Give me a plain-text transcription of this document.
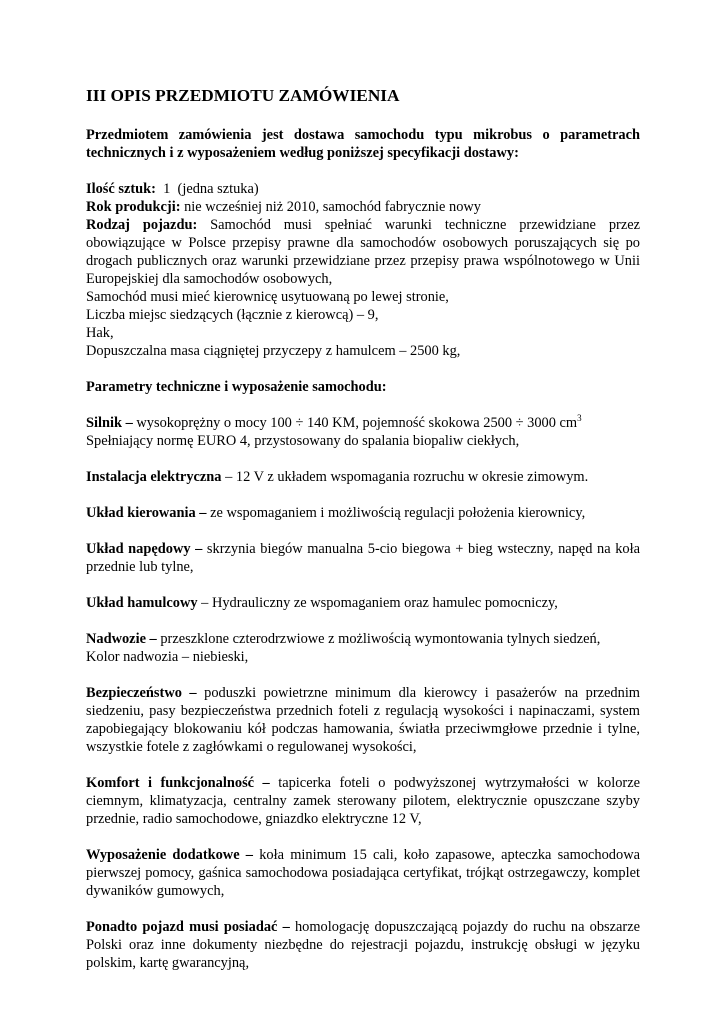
III OPIS PRZEDMIOTU ZAMÓWIENIA

Przedmiotem zamówienia jest dostawa samochodu typu mikrobus o parametrach technicznych i z wyposażeniem według poniższej specyfikacji dostawy:

Ilość sztuk:  1  (jedna sztuka)
Rok produkcji: nie wcześniej niż 2010, samochód fabrycznie nowy
Rodzaj pojazdu: Samochód musi spełniać warunki techniczne przewidziane przez obowiązujące w Polsce przepisy prawne dla samochodów osobowych poruszających się po drogach publicznych oraz warunki przewidziane przez przepisy prawa wspólnotowego w Unii Europejskiej dla samochodów osobowych,
Samochód musi mieć kierownicę usytuowaną po lewej stronie,
Liczba miejsc siedzących (łącznie z kierowcą) – 9,
Hak,
Dopuszczalna masa ciągniętej przyczepy z hamulcem – 2500 kg,

Parametry techniczne i wyposażenie samochodu:

Silnik – wysokoprężny o mocy 100 ÷ 140 KM, pojemność skokowa 2500 ÷ 3000 $cm^3$
Spełniający normę EURO 4, przystosowany do spalania biopaliw ciekłych,

Instalacja elektryczna – 12 V z układem wspomagania rozruchu w okresie zimowym.

Układ kierowania – ze wspomaganiem i możliwością regulacji położenia kierownicy,

Układ napędowy – skrzynia biegów manualna 5-cio biegowa + bieg wsteczny, napęd na koła przednie lub tylne,

Układ hamulcowy – Hydrauliczny ze wspomaganiem oraz hamulec pomocniczy,

Nadwozie – przeszklone czterodrzwiowe z możliwością wymontowania tylnych siedzeń,
Kolor nadwozia – niebieski,

Bezpieczeństwo – poduszki powietrzne minimum dla kierowcy i pasażerów na przednim siedzeniu, pasy bezpieczeństwa przednich foteli z regulacją wysokości i napinaczami, system zapobiegający blokowaniu kół podczas hamowania, światła przeciwmgłowe przednie i tylne, wszystkie fotele z zagłówkami o regulowanej wysokości,

Komfort i funkcjonalność – tapicerka foteli o podwyższonej wytrzymałości w kolorze ciemnym, klimatyzacja, centralny zamek sterowany pilotem, elektrycznie opuszczane szyby przednie, radio samochodowe, gniazdko elektryczne 12 V,

Wyposażenie dodatkowe – koła minimum 15 cali, koło zapasowe, apteczka samochodowa pierwszej pomocy, gaśnica samochodowa posiadająca certyfikat, trójkąt ostrzegawczy, komplet dywaników gumowych,

Ponadto pojazd musi posiadać – homologację dopuszczającą pojazdy do ruchu na obszarze Polski oraz inne dokumenty niezbędne do rejestracji pojazdu, instrukcję obsługi w języku polskim, kartę gwarancyjną,
